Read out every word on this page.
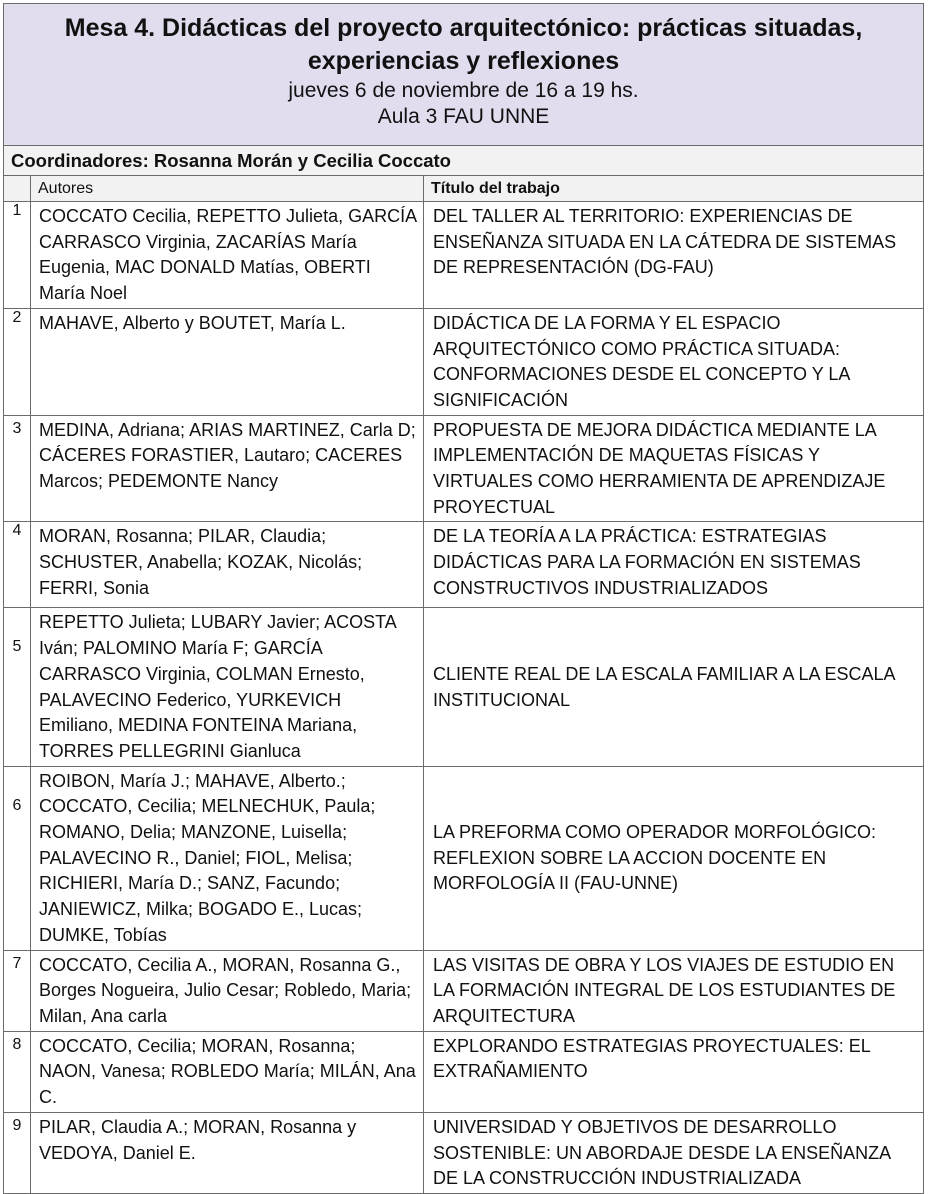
Mesa 4. Didácticas del proyecto arquitectónico: prácticas situadas,
experiencias y reflexiones
jueves 6 de noviembre de 16 a 19 hs.
Aula 3 FAU UNNE		

Coordinadores: Rosanna Morán y Cecilia Coccato		
	Autores	Título del trabajo

1	COCCATO Cecilia, REPETTO Julieta, GARCÍA CARRASCO Virginia, ZACARÍAS María Eugenia, MAC DONALD Matías, OBERTI María Noel	DEL TALLER AL TERRITORIO: EXPERIENCIAS DE ENSEÑANZA SITUADA EN LA CÁTEDRA DE SISTEMAS DE REPRESENTACIÓN (DG-FAU)

2	MAHAVE, Alberto y BOUTET, María L.	DIDÁCTICA DE LA FORMA Y EL ESPACIO ARQUITECTÓNICO COMO PRÁCTICA SITUADA: CONFORMACIONES DESDE EL CONCEPTO Y LA SIGNIFICACIÓN

3	MEDINA, Adriana; ARIAS MARTINEZ, Carla D; CÁCERES FORASTIER, Lautaro; CACERES Marcos; PEDEMONTE Nancy	PROPUESTA DE MEJORA DIDÁCTICA MEDIANTE LA IMPLEMENTACIÓN DE MAQUETAS FÍSICAS Y VIRTUALES COMO HERRAMIENTA DE APRENDIZAJE PROYECTUAL

4	MORAN, Rosanna; PILAR, Claudia; SCHUSTER, Anabella; KOZAK, Nicolás; FERRI, Sonia	DE LA TEORÍA A LA PRÁCTICA: ESTRATEGIAS DIDÁCTICAS PARA LA FORMACIÓN EN SISTEMAS CONSTRUCTIVOS INDUSTRIALIZADOS

5	REPETTO Julieta; LUBARY Javier; ACOSTA Iván; PALOMINO María F; GARCÍA CARRASCO Virginia, COLMAN Ernesto, PALAVECINO Federico, YURKEVICH Emiliano, MEDINA FONTEINA Mariana, TORRES PELLEGRINI Gianluca	CLIENTE REAL DE LA ESCALA FAMILIAR A LA ESCALA INSTITUCIONAL

6	ROIBON, María J.; MAHAVE, Alberto.; COCCATO, Cecilia; MELNECHUK, Paula; ROMANO, Delia; MANZONE, Luisella; PALAVECINO R., Daniel; FIOL, Melisa; RICHIERI, María D.; SANZ, Facundo; JANIEWICZ, Milka; BOGADO E., Lucas; DUMKE, Tobías	LA PREFORMA COMO OPERADOR MORFOLÓGICO: REFLEXION SOBRE LA ACCION DOCENTE EN MORFOLOGÍA II (FAU-UNNE)

7	COCCATO, Cecilia A., MORAN, Rosanna G., Borges Nogueira, Julio Cesar; Robledo, Maria; Milan, Ana carla	LAS VISITAS DE OBRA Y LOS VIAJES DE ESTUDIO EN LA FORMACIÓN INTEGRAL DE LOS ESTUDIANTES DE ARQUITECTURA

8	COCCATO, Cecilia; MORAN, Rosanna; NAON, Vanesa; ROBLEDO María; MILÁN, Ana C.	EXPLORANDO ESTRATEGIAS PROYECTUALES: EL EXTRAÑAMIENTO

9	PILAR, Claudia A.; MORAN, Rosanna y VEDOYA, Daniel E.	UNIVERSIDAD Y OBJETIVOS DE DESARROLLO SOSTENIBLE: UN ABORDAJE DESDE LA ENSEÑANZA DE LA CONSTRUCCIÓN INDUSTRIALIZADA
